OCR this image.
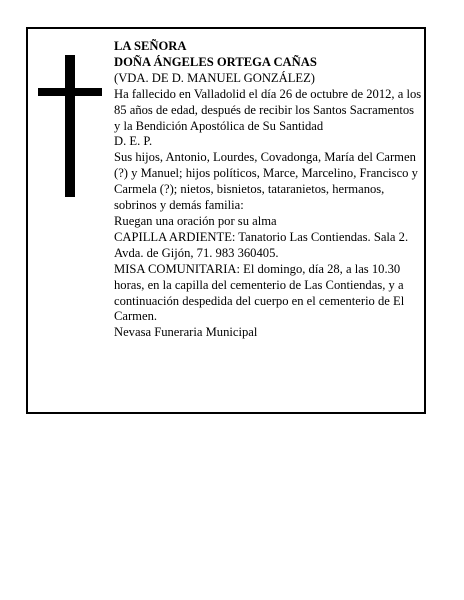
LA SEÑORA

DOÑA ÁNGELES ORTEGA CAÑAS

(VDA. DE D. MANUEL GONZÁLEZ)

Ha fallecido en Valladolid el día 26 de octubre de 2012, a los 85 años de edad, después de recibir los Santos Sacramentos y la Bendición Apostólica de Su Santidad

D. E. P.

Sus hijos, Antonio, Lourdes, Covadonga, María del Carmen (?) y Manuel; hijos políticos, Marce, Marcelino, Francisco y Carmela (?); nietos, bisnietos, tataranietos, hermanos, sobrinos y demás familia:

Ruegan una oración por su alma

CAPILLA ARDIENTE: Tanatorio Las Contiendas. Sala 2. Avda. de Gijón, 71. 983 360405.

MISA COMUNITARIA: El domingo, día 28, a las 10.30 horas, en la capilla del cementerio de Las Contiendas, y a continuación despedida del cuerpo en el cementerio de El Carmen.

Nevasa Funeraria Municipal
